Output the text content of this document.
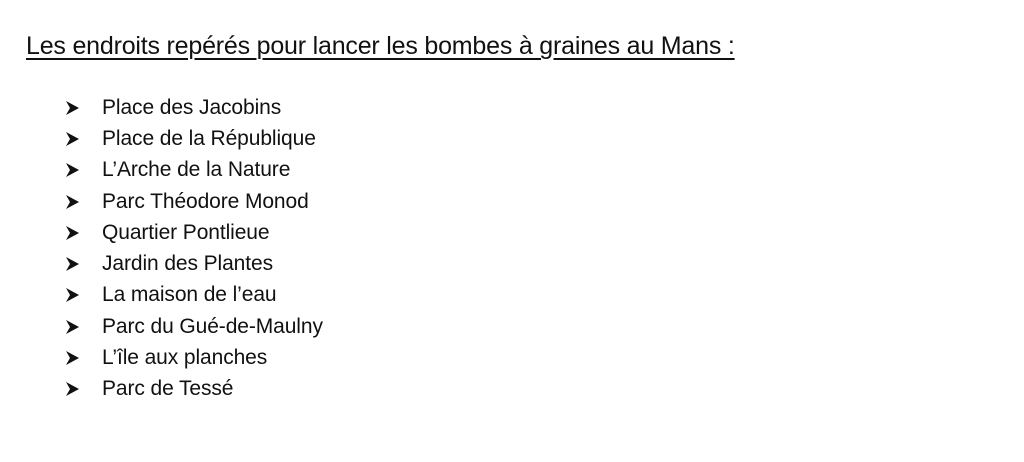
Les endroits repérés pour lancer les bombes à graines au Mans :
Place des Jacobins
Place de la République
L’Arche de la Nature
Parc Théodore Monod
Quartier Pontlieue
Jardin des Plantes
La maison de l’eau
Parc du Gué-de-Maulny
L’île aux planches
Parc de Tessé
